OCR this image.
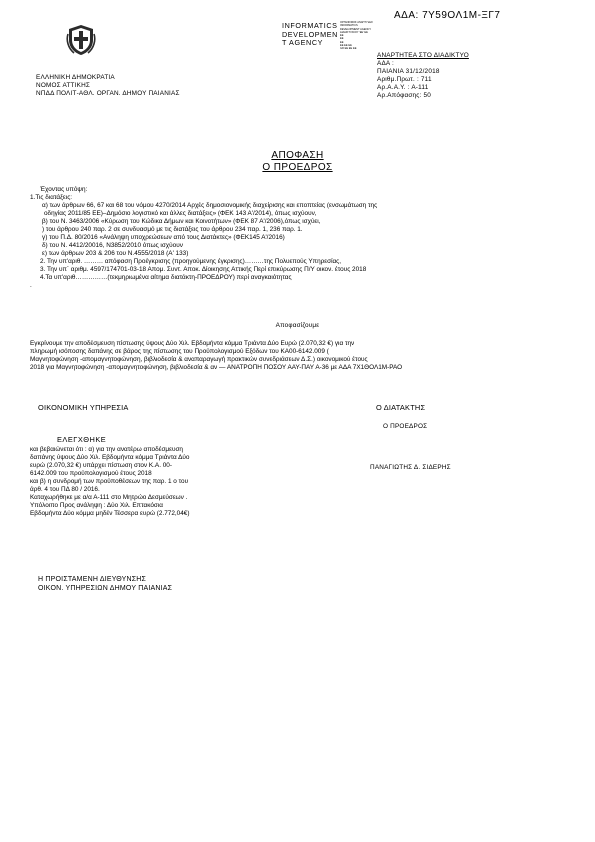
ΑΔΑ: 7Υ59ΟΛ1Μ-ΞΓ7
INFORMATICS
DEVELOPMEN
T AGENCY
ΟΡΓΑΝΙΣΜΟΣ ΑΝΑΠΤΥΞΗΣ
INFORMATICS
DEVELOPMENT AGENCY
ΔΙΑΔΙΚΤΥΑΚΟΥ 'ΕΕ' ΕΕ
ΕΕ
ΕΕ
ΕΕ
ΕΕ ΕΕ ΕΕ
GR ΕΕ ΕΕ ΕΕ
ΕΛΛΗΝΙΚΗ ΔΗΜΟΚΡΑΤΙΑ
ΝΟΜΟΣ ΑΤΤΙΚΗΣ
ΝΠΔΔ ΠΟΛΙΤ-ΑΘΛ. ΟΡΓΑΝ. ΔΗΜΟΥ ΠΑΙΑΝΙΑΣ
ΑΝΑΡΤΗΤΕΑ ΣΤΟ ΔΙΑΔΙΚΤΥΟ
ΑΔΑ :
ΠΑΙΑΝΙΑ 31/12/2018
Αριθμ.Πρωτ. : 711
Αρ.Α.Α.Υ. : Α-111
Αρ.Απόφασης: 50
ΑΠΟΦΑΣΗ
Ο ΠΡΟΕΔΡΟΣ
Έχοντας υπόψη:
1.Τις διατάξεις:
α) των άρθρων 66, 67 και 68 του νόμου 4270/2014 Αρχές δημοσιονομικής διαχείρισης και εποπτείας (ενσωμάτωση της
οδηγίας 2011/85 ΕΕ)–Δημόσιο λογιστικό και άλλες διατάξεις» (ΦΕΚ 143 Α'/2014), όπως ισχύουν,
β) του Ν. 3463/2006 «Κύρωση του Κώδικα Δήμων και Κοινοτήτων» (ΦΕΚ 87 Α'/2006),όπως ισχύει,
) του άρθρου 240 παρ. 2 σε συνδυασμό με τις διατάξεις του άρθρου 234 παρ. 1, 236 παρ. 1.
γ) του Π.Δ. 80/2016 «Ανάληψη υποχρεώσεων από τους Διατάκτες» (ΦΕΚ145 Α'/2016)
δ) του Ν. 4412/20016, Ν3852/2010 όπως ισχύουν
ε) των άρθρων 203 & 206 του Ν.4555/2018 (Α' 133)
2. Την υπ'αριθ. ……… απόφαση Προέγκρισης (προηγούμενης έγκρισης)………της Πολυεπούς Υπηρεσίας,
3. Την υπ΄ αριθμ. 4597/174701-03-18 Απομ. Συντ. Αποκ. Δίοικησης Αττικής Περί επικύρωσης Π/Υ οικον. έτους 2018
4.Τα υπ'αριθ……………(τεκμηριωμένα αίτημα διατάκτη-ΠΡΟΕΔΡΟΥ) περί αναγκαιότητας
.
Αποφασίζουμε
Εγκρίνουμε την αποδέσμευση πίστωσης ύψους Δύο Χιλ. Εβδομήντα κόμμα Τριάντα Δύο Ευρώ (2.070,32 €) για την
πληρωμή ισόποσης δαπάνης σε βάρος της πίστωσης του Προϋπολογισμού Εξόδων του ΚΑ00-6142.009 (
Μαγνητοφώνηση -απομαγνητοφώνηση, βιβλιοδεσία & αναπαραγωγή πρακτικών συνεδριάσεων Δ.Σ.) οικονομικού έτους
2018 για Μαγνητοφώνηση -απομαγνητοφώνηση, βιβλιοδεσία & αν — ΑΝΑΤΡΟΠΗ ΠΟΣΟΥ ΑΑΥ-ΠΑΥ Α-36 με ΑΔΑ 7Χ1ΘΟΛ1Μ-ΡΑΟ
ΟΙΚΟΝΟΜΙΚΗ ΥΠΗΡΕΣΙΑ	Ο ΔΙΑΤΑΚΤΗΣ
Ο ΠΡΟΕΔΡΟΣ
ΕΛΕΓΧΘΗΚΕ
και βεβαιώνεται ότι : α) για την ανατέρω αποδέσμευση
δαπάνης ύψους Δύο Χιλ. Εβδομήντα κόμμα Τριάντα Δύο
ευρώ (2.070,32 €) υπάρχει πίστωση στον Κ.Α. 00-
6142.009 του προϋπολογισμού έτους 2018
και β) η συνδρομή των προϋποθέσεων της παρ. 1 ο του
άρθ. 4 του ΠΔ 80 / 2016.
Καταχωρήθηκε με α/α Α-111 στο Μητρώο Δεσμεύσεων .
Υπόλοιπο Προς ανάληψη : Δύο Χιλ. Επτακόσια
Εβδομήντα Δύο κόμμα μηδέν Τέσσερα ευρώ (2.772,04€)
ΠΑΝΑΓΙΩΤΗΣ Δ. ΣΙΔΕΡΗΣ
Η ΠΡΟΙΣΤΑΜΕΝΗ ΔΙΕΥΘΥΝΣΗΣ
ΟΙΚΟΝ. ΥΠΗΡΕΣΙΩΝ ΔΗΜΟΥ ΠΑΙΑΝΙΑΣ
